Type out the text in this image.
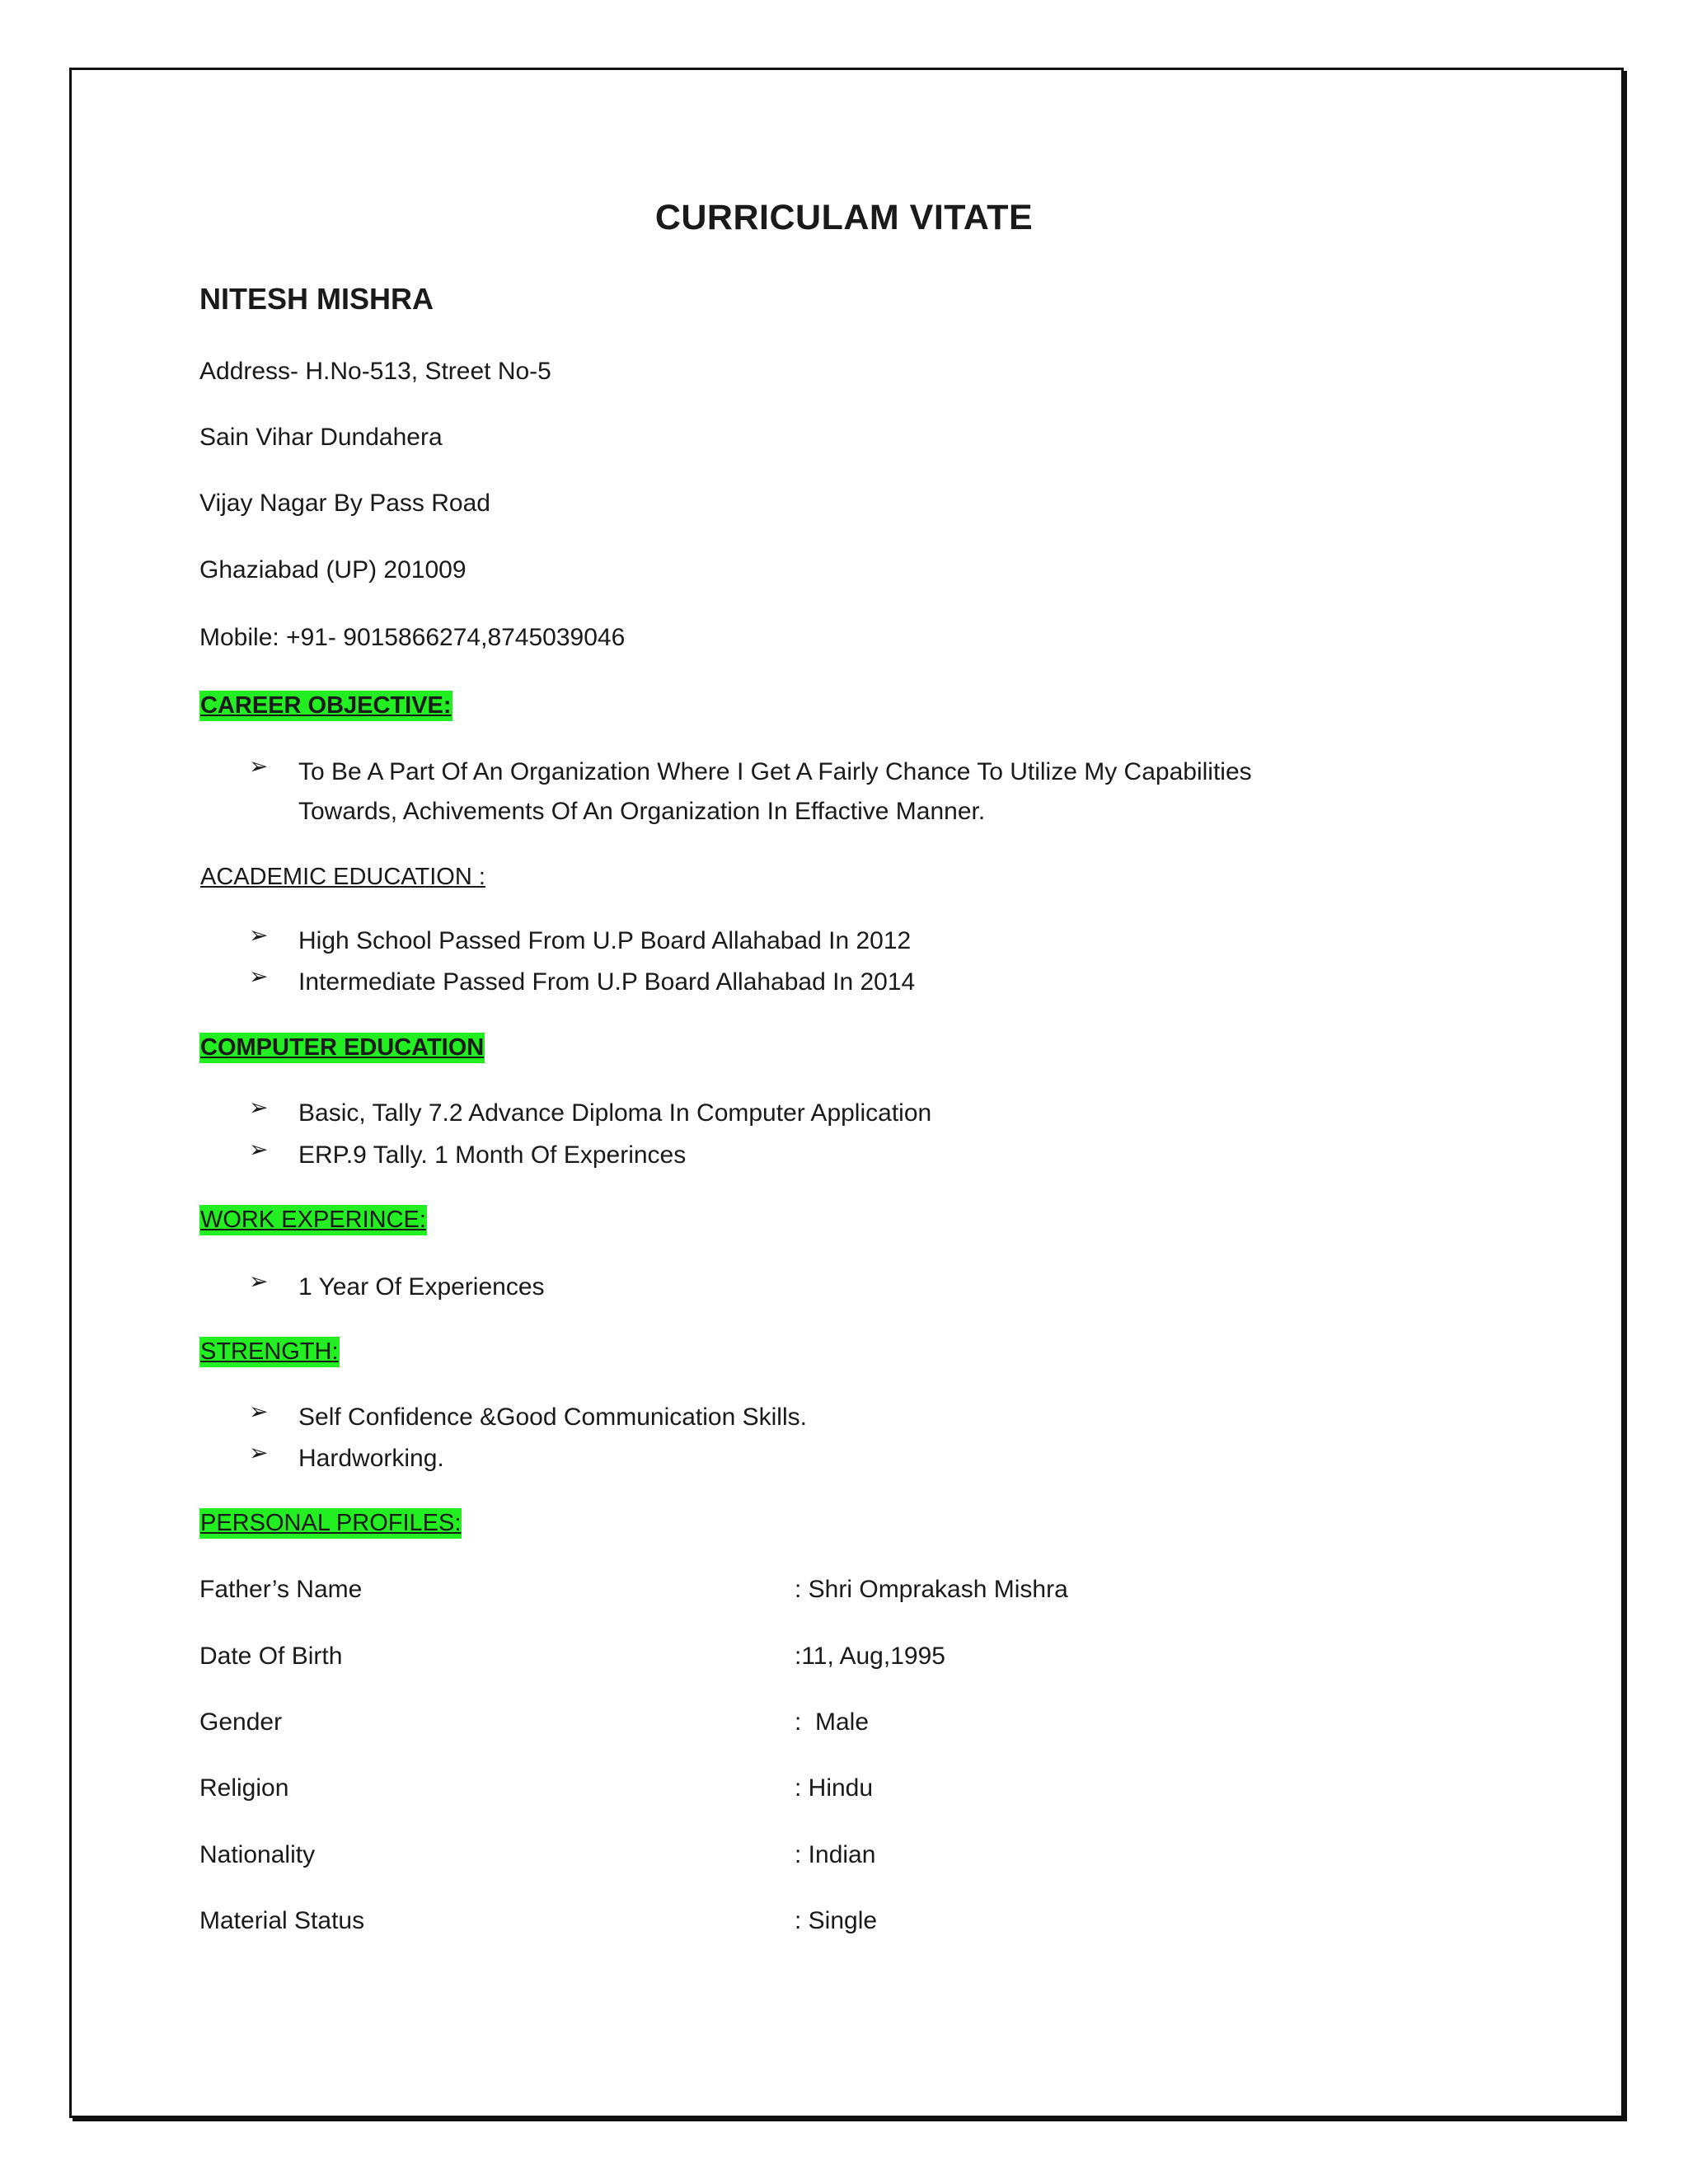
CURRICULAM VITATE
NITESH MISHRA
Address- H.No-513, Street No-5
Sain Vihar Dundahera
Vijay Nagar By Pass Road
Ghaziabad (UP) 201009
Mobile: +91- 9015866274,8745039046
CAREER OBJECTIVE:
➢	To Be A Part Of An Organization Where I Get A Fairly Chance To Utilize My Capabilities
Towards, Achivements Of An Organization In Effactive Manner.
ACADEMIC EDUCATION :
➢	High School Passed From U.P Board Allahabad In 2012
➢	Intermediate Passed From U.P Board Allahabad In 2014
COMPUTER EDUCATION
➢	Basic, Tally 7.2 Advance Diploma In Computer Application
➢	ERP.9 Tally. 1 Month Of Experinces
WORK EXPERINCE:
➢	1 Year Of Experiences
STRENGTH:
➢	Self Confidence &Good Communication Skills.
➢	Hardworking.
PERSONAL PROFILES:
Father’s Name	: Shri Omprakash Mishra
Date Of Birth	:11, Aug,1995
Gender	:  Male
Religion	: Hindu
Nationality	: Indian
Material Status	: Single
